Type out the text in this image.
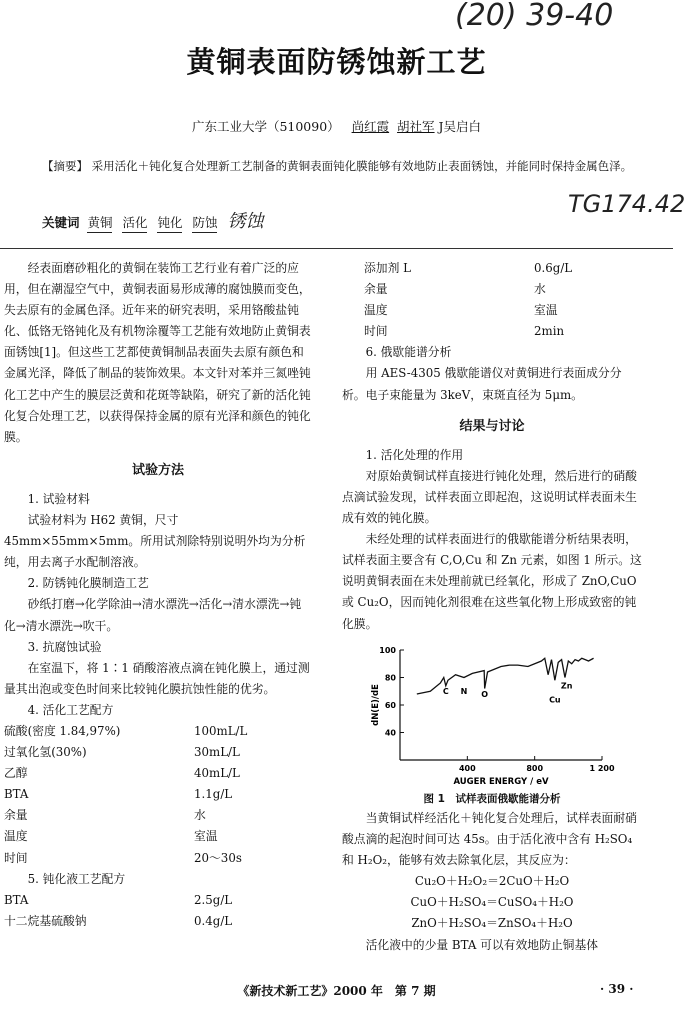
(20) 39-40
TG174.42
黄铜表面防锈蚀新工艺
广东工业大学（510090） 尚红霞 胡社军 J吴启白
【摘要】 采用活化＋钝化复合处理新工艺制备的黄铜表面钝化膜能够有效地防止表面锈蚀，并能同时保持金属色泽。
关键词 黄铜 活化 钝化 防蚀 锈蚀

经表面磨砂粗化的黄铜在装饰工艺行业有着广泛的应用，但在潮湿空气中，黄铜表面易形成薄的腐蚀膜而变色，失去原有的金属色泽。近年来的研究表明，采用铬酸盐钝化、低铬无铬钝化及有机物涂覆等工艺能有效地防止黄铜表面锈蚀[1]。但这些工艺都使黄铜制品表面失去原有颜色和金属光泽，降低了制品的装饰效果。本文针对苯并三氮唑钝化工艺中产生的膜层泛黄和花斑等缺陷，研究了新的活化钝化复合处理工艺，以获得保持金属的原有光泽和颜色的钝化膜。

试验方法

1. 试验材料

试验材料为 H62 黄铜，尺寸 45mm×55mm×5mm。所用试剂除特别说明外均为分析纯，用去离子水配制溶液。

2. 防锈钝化膜制造工艺

砂纸打磨→化学除油→清水漂洗→活化→清水漂洗→钝化→清水漂洗→吹干。

3. 抗腐蚀试验

在室温下，将 1∶1 硝酸溶液点滴在钝化膜上，通过测量其出泡或变色时间来比较钝化膜抗蚀性能的优劣。

4. 活化工艺配方

硫酸(密度 1.84,97%)	100mL/L
过氧化氢(30%)	30mL/L
乙醇	40mL/L
BTA	1.1g/L
余量	水
温度	室温
时间	20～30s

5. 钝化液工艺配方

BTA	2.5g/L
十二烷基硫酸钠	0.4g/L
添加剂 L	0.6g/L
余量	水
温度	室温
时间	2min

6. 俄歇能谱分析

用 AES-4305 俄歇能谱仪对黄铜进行表面成分分析。电子束能量为 3keV，束斑直径为 5μm。

结果与讨论

1. 活化处理的作用

对原始黄铜试样直接进行钝化处理，然后进行的硝酸点滴试验发现，试样表面立即起泡，这说明试样表面未生成有效的钝化膜。

未经处理的试样表面进行的俄歇能谱分析结果表明，试样表面主要含有 C,O,Cu 和 Zn 元素，如图 1 所示。这说明黄铜表面在未处理前就已经氧化，形成了 ZnO,CuO 或 Cu₂O，因而钝化剂很难在这些氧化物上形成致密的钝化膜。

400	800	1 200
100
80
60
40
AUGER ENERGY / eV
dN(E)/dE	C N O
Zn
Cu
图 1　试样表面俄歇能谱分析

当黄铜试样经活化＋钝化复合处理后，试样表面耐硝酸点滴的起泡时间可达 45s。由于活化液中含有 H₂SO₄ 和 H₂O₂，能够有效去除氧化层，其反应为：

Cu₂O＋H₂O₂＝2CuO＋H₂O

CuO＋H₂SO₄＝CuSO₄＋H₂O

ZnO＋H₂SO₄＝ZnSO₄＋H₂O

活化液中的少量 BTA 可以有效地防止铜基体

《新技术新工艺》2000 年　第 7 期	· 39 ·
